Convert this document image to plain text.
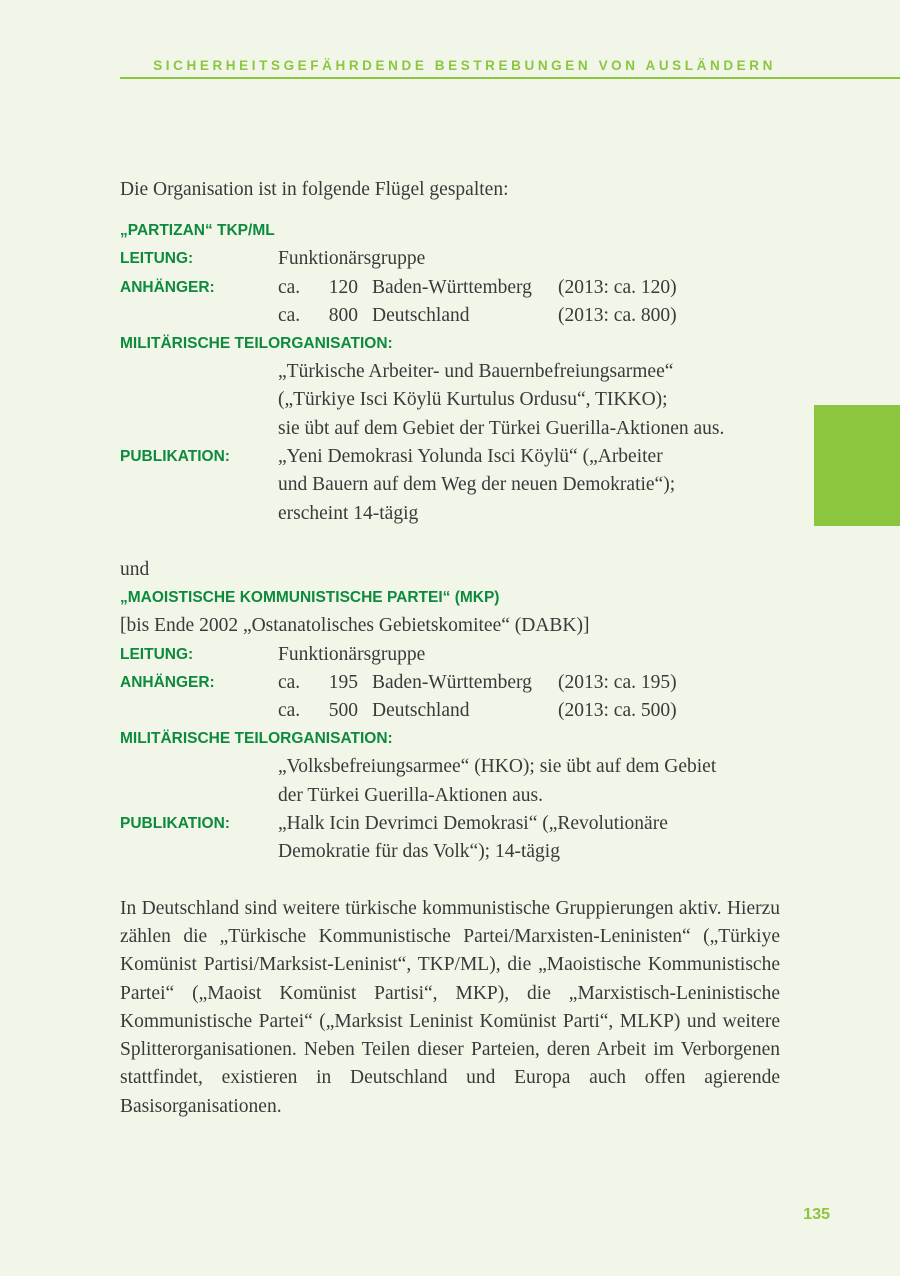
SICHERHEITSGEFÄHRDENDE BESTREBUNGEN VON AUSLÄNDERN

Die Organisation ist in folgende Flügel gespalten:

„PARTIZAN“ TKP/ML
LEITUNG:	Funktionärsgruppe
ANHÄNGER:	ca.	120 Baden-Württemberg	(2013: ca. 120)
ca.	800 Deutschland	(2013: ca. 800)
MILITÄRISCHE TEILORGANISATION:
„Türkische Arbeiter- und Bauernbefreiungsarmee“
(„Türkiye Isci Köylü Kurtulus Ordusu“, TIKKO);
sie übt auf dem Gebiet der Türkei Guerilla-Aktionen aus.
PUBLIKATION:	„Yeni Demokrasi Yolunda Isci Köylü“ („Arbeiter
und Bauern auf dem Weg der neuen Demokratie“);
erscheint 14-tägig

und

„MAOISTISCHE KOMMUNISTISCHE PARTEI“ (MKP)

[bis Ende 2002 „Ostanatolisches Gebietskomitee“ (DABK)]

LEITUNG:	Funktionärsgruppe
ANHÄNGER:	ca.	195 Baden-Württemberg	(2013: ca. 195)
ca.	500 Deutschland	(2013: ca. 500)
MILITÄRISCHE TEILORGANISATION:
„Volksbefreiungsarmee“ (HKO); sie übt auf dem Gebiet
der Türkei Guerilla-Aktionen aus.
PUBLIKATION:	„Halk Icin Devrimci Demokrasi“ („Revolutionäre
Demokratie für das Volk“); 14-tägig

In Deutschland sind weitere türkische kommunistische Gruppierungen aktiv. Hierzu zählen die „Türkische Kommunistische Partei/Marxisten-Leninisten“ („Türkiye Komünist Partisi/Marksist-Leninist“, TKP/ML), die „Maoistische Kommunistische Partei“ („Maoist Komünist Partisi“, MKP), die „Marxistisch-Leninistische Kommunistische Partei“ („Marksist Leninist Komünist Parti“, MLKP) und weitere Splitterorganisationen. Neben Teilen dieser Parteien, deren Arbeit im Verborgenen stattfindet, existieren in Deutschland und Europa auch offen agierende Basisorganisationen.

135
